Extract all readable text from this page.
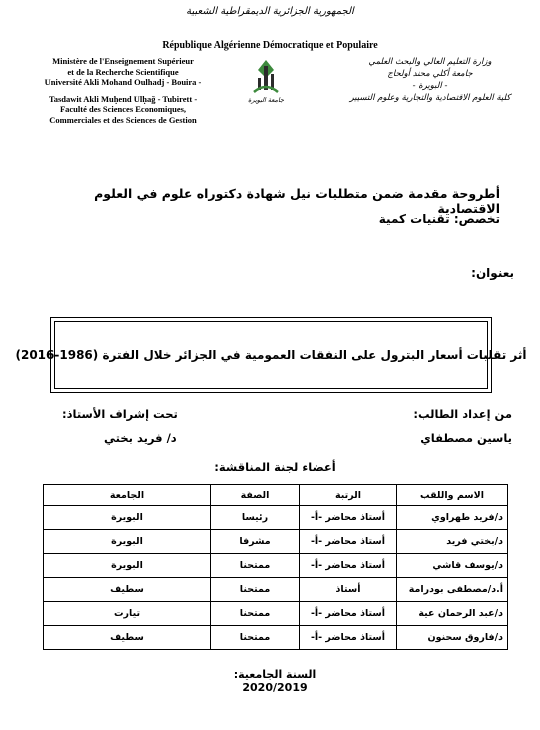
الجمهورية الجزائرية الديمقراطية الشعبية
République Algérienne Démocratique et Populaire
Ministère de l'Enseignement Supérieur
et de la Recherche Scientifique
Université Akli Mohand Oulhadj - Bouira -
Tasdawit Akli Muḥend Ulḥağ - Tubirett -
Faculté des Sciences Economiques,
Commerciales et des Sciences de Gestion
جامعة البويرة
وزارة التعليم العالي والبحث العلمي
جامعة أكلي محند أولحاج
- البويرة -
كلية العلوم الاقتصادية والتجارية وعلوم التسيير
أطروحة مقدمة ضمن متطلبات نيل شهادة دكتوراه علوم في العلوم الاقتصادية
تخصص: تقنيات كمية
بعنوان:
أثر تقلبات أسعار البترول على النفقات العمومية في الجزائر خلال الفترة (1986-2016)
من إعداد الطالب:
ياسين مصطفاي
تحت إشراف الأستاذ:
د/ فريد بختي
أعضاء لجنة المناقشة:
الاسم واللقب	الرتبة	الصفة	الجامعة
د/فريد طهراوي	أستاذ محاضر -أ-	رئيسا	البويرة
د/بختي فريد	أستاذ محاضر -أ-	مشرفا	البويرة
د/يوسف قاشي	أستاذ محاضر -أ-	ممتحنا	البويرة
أ.د/مصطفى بودرامة	أستاذ	ممتحنا	سطيف
د/عبد الرحمان عية	أستاذ محاضر -أ-	ممتحنا	تيارت
د/فاروق سحنون	أستاذ محاضر -أ-	ممتحنا	سطيف
السنة الجامعية: 2020/2019
